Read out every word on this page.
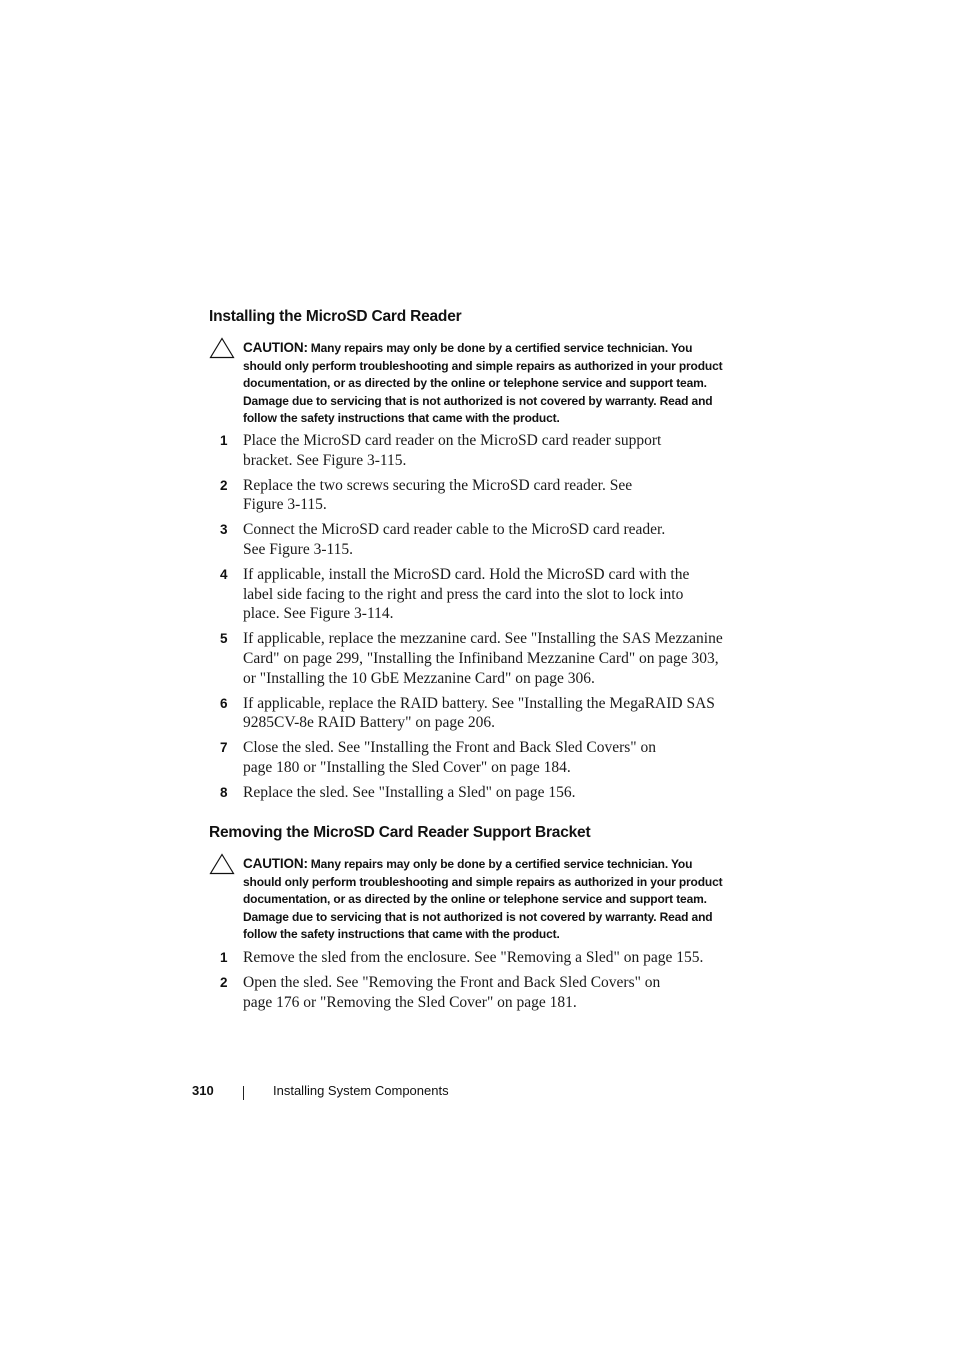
Installing the MicroSD Card Reader
CAUTION: Many repairs may only be done by a certified service technician. You should only perform troubleshooting and simple repairs as authorized in your product documentation, or as directed by the online or telephone service and support team. Damage due to servicing that is not authorized is not covered by warranty. Read and follow the safety instructions that came with the product.
1 Place the MicroSD card reader on the MicroSD card reader support bracket. See Figure 3-115.
2 Replace the two screws securing the MicroSD card reader. See Figure 3-115.
3 Connect the MicroSD card reader cable to the MicroSD card reader. See Figure 3-115.
4 If applicable, install the MicroSD card. Hold the MicroSD card with the label side facing to the right and press the card into the slot to lock into place. See Figure 3-114.
5 If applicable, replace the mezzanine card. See "Installing the SAS Mezzanine Card" on page 299, "Installing the Infiniband Mezzanine Card" on page 303, or "Installing the 10 GbE Mezzanine Card" on page 306.
6 If applicable, replace the RAID battery. See "Installing the MegaRAID SAS 9285CV-8e RAID Battery" on page 206.
7 Close the sled. See "Installing the Front and Back Sled Covers" on page 180 or "Installing the Sled Cover" on page 184.
8 Replace the sled. See "Installing a Sled" on page 156.
Removing the MicroSD Card Reader Support Bracket
CAUTION: Many repairs may only be done by a certified service technician. You should only perform troubleshooting and simple repairs as authorized in your product documentation, or as directed by the online or telephone service and support team. Damage due to servicing that is not authorized is not covered by warranty. Read and follow the safety instructions that came with the product.
1 Remove the sled from the enclosure. See "Removing a Sled" on page 155.
2 Open the sled. See "Removing the Front and Back Sled Covers" on page 176 or "Removing the Sled Cover" on page 181.
310	Installing System Components
